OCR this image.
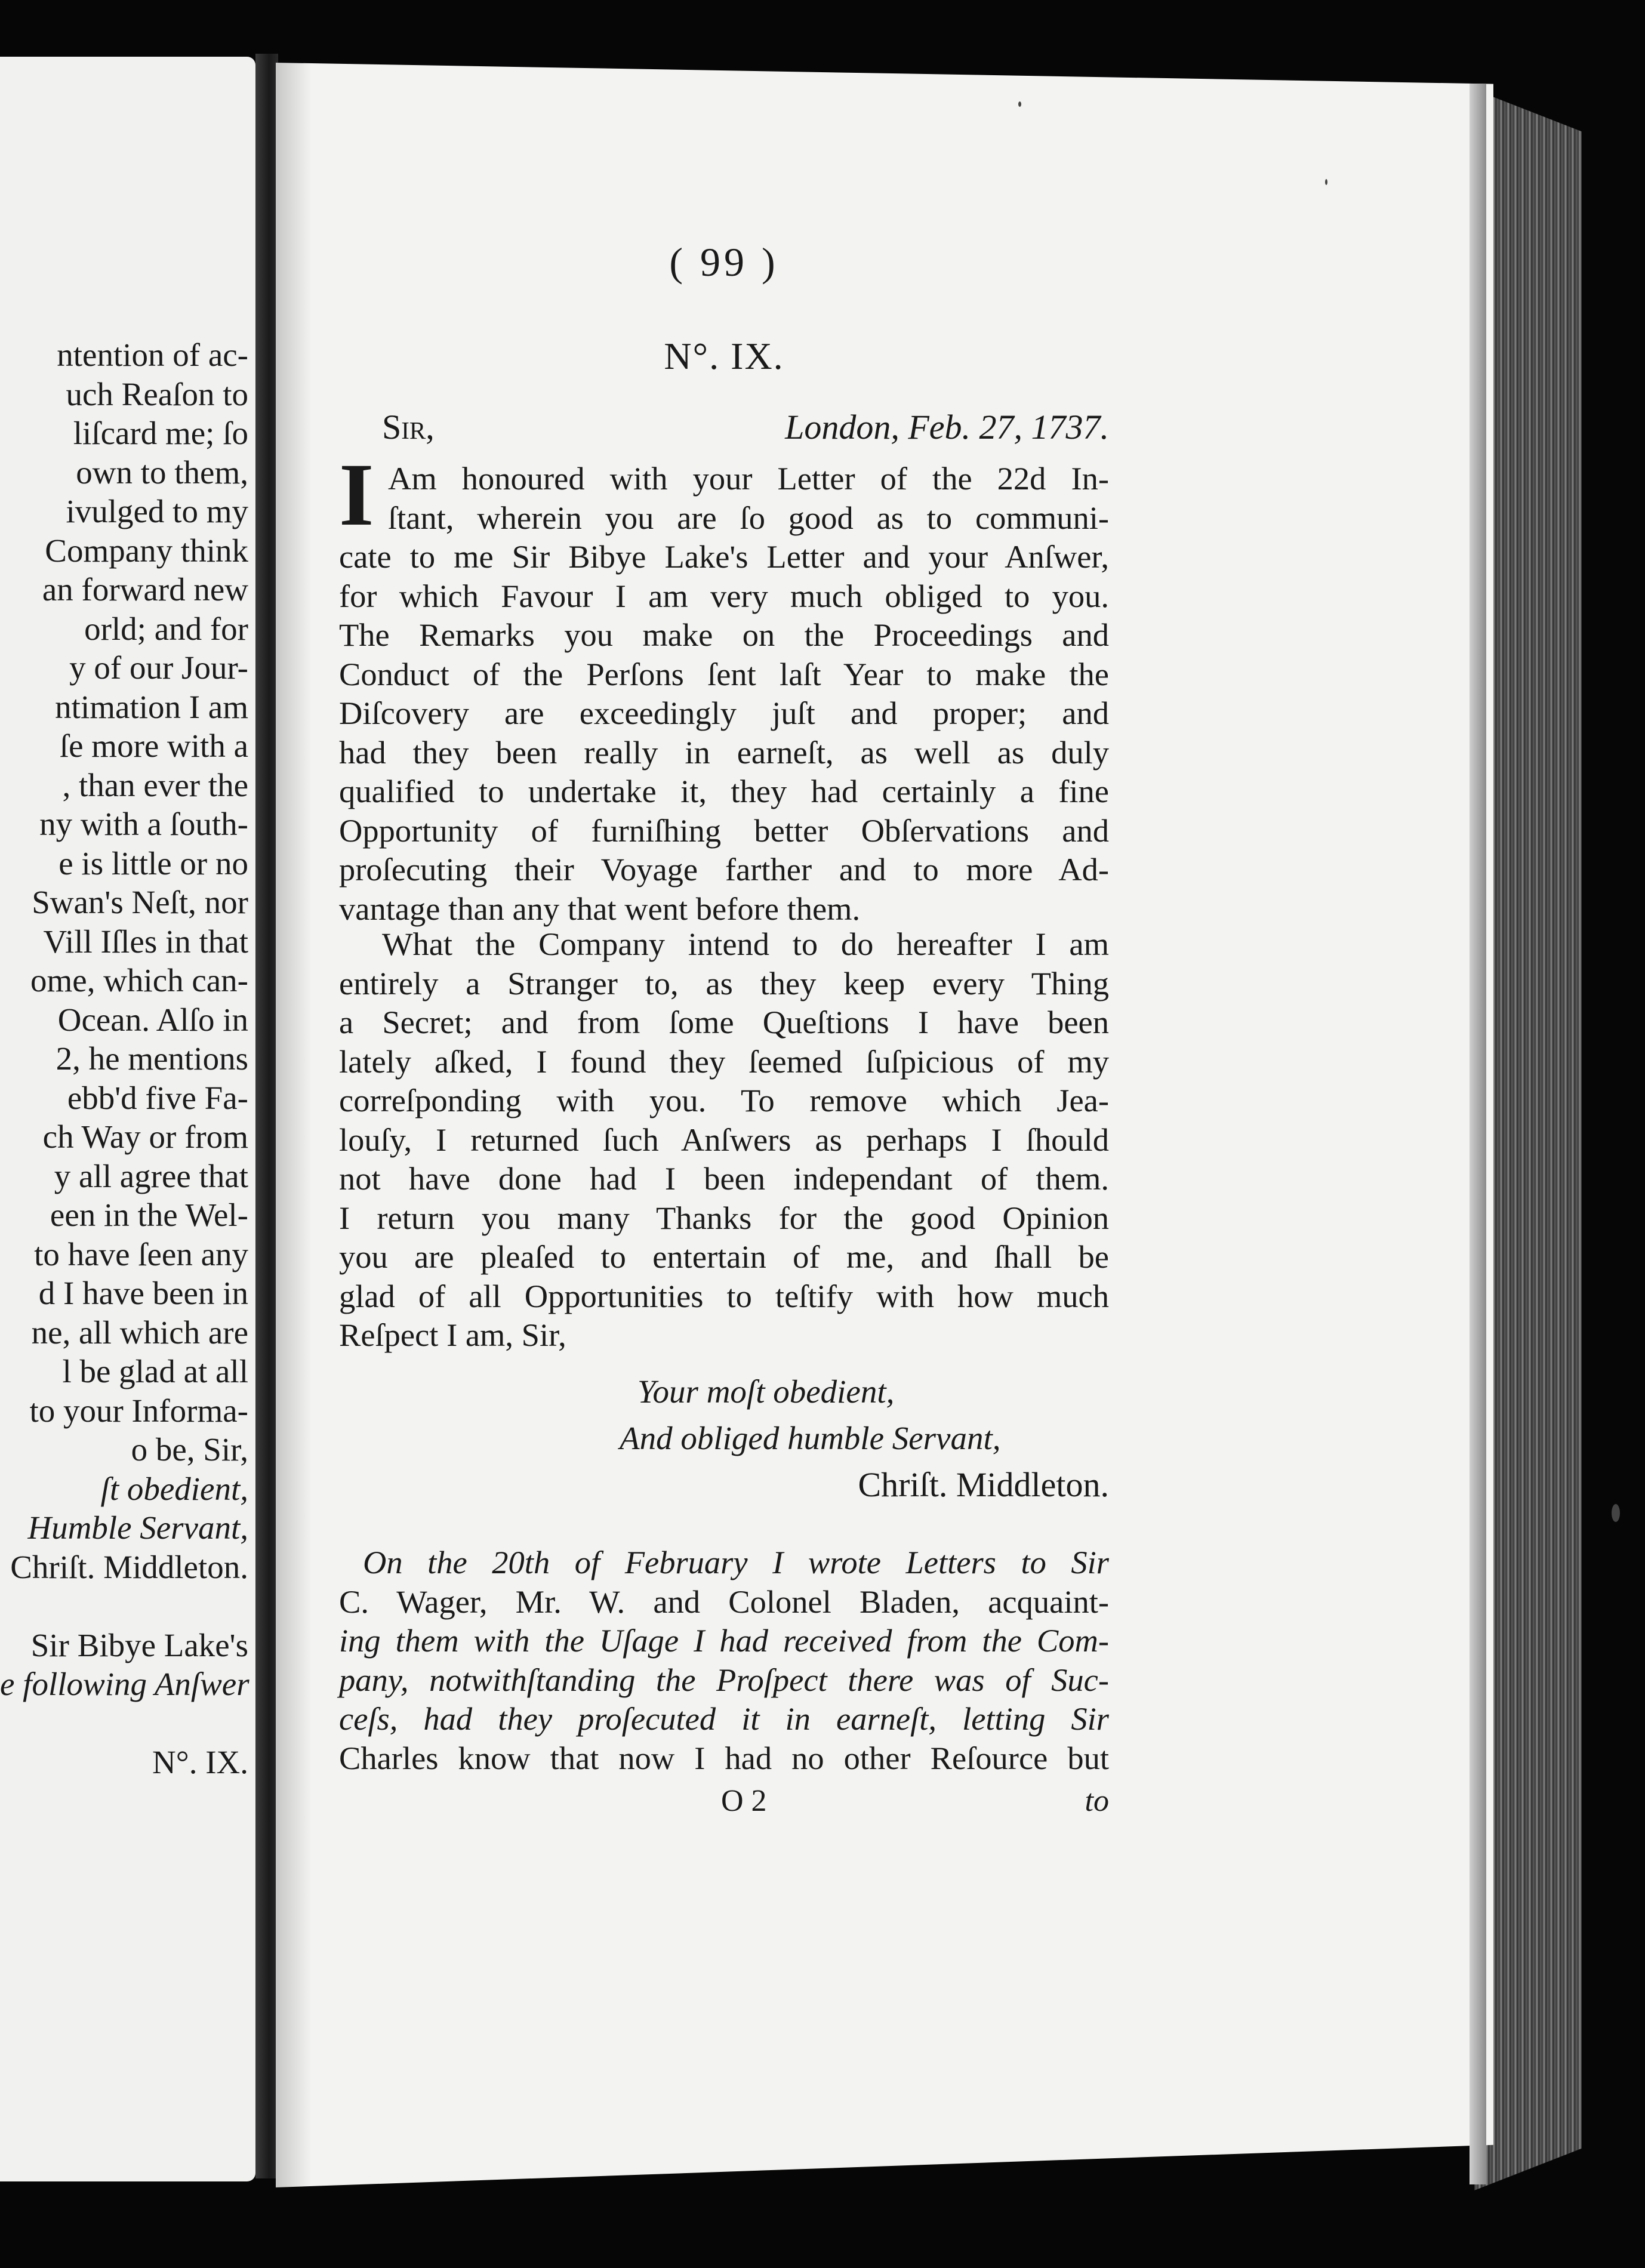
ntention of ac-
uch Reaſon to
liſcard me; ſo
own to them,
ivulged to my
Company think
an forward new
orld; and for
y of our Jour-
ntimation I am
ſe more with a
, than ever the
ny with a ſouth-
e is little or no
Swan's Neſt, nor
Vill Iſles in that
ome, which can-
Ocean. Alſo in
2, he mentions
ebb'd five Fa-
ch Way or from
y all agree that
een in the Wel-
to have ſeen any
d I have been in
ne, all which are
l be glad at all
to your Informa-
o be, Sir,
ſt obedient,
Humble Servant,
Chriſt. Middleton.
Sir Bibye Lake's
e following Anſwer
N°. IX.
( 99 )
N°. IX.
Sir,	London, Feb. 27, 1737.
I Am honoured with your Letter of the 22d In-
ſtant, wherein you are ſo good as to communi-
cate to me Sir Bibye Lake's Letter and your Anſwer,
for which Favour I am very much obliged to you.
The Remarks you make on the Proceedings and
Conduct of the Perſons ſent laſt Year to make the
Diſcovery are exceedingly juſt and proper; and
had they been really in earneſt, as well as duly
qualified to undertake it, they had certainly a fine
Opportunity of furniſhing better Obſervations and
proſecuting their Voyage farther and to more Ad-
vantage than any that went before them.
What the Company intend to do hereafter I am
entirely a Stranger to, as they keep every Thing
a Secret; and from ſome Queſtions I have been
lately aſked, I found they ſeemed ſuſpicious of my
correſponding with you. To remove which Jea-
louſy, I returned ſuch Anſwers as perhaps I ſhould
not have done had I been independant of them.
I return you many Thanks for the good Opinion
you are pleaſed to entertain of me, and ſhall be
glad of all Opportunities to teſtify with how much
Reſpect I am, Sir,
Your moſt obedient,
And obliged humble Servant,
Chriſt. Middleton.
On the 20th of February I wrote Letters to Sir
C. Wager, Mr. W. and Colonel Bladen, acquaint-
ing them with the Uſage I had received from the Com-
pany, notwithſtanding the Proſpect there was of Suc-
ceſs, had they proſecuted it in earneſt, letting Sir
Charles know that now I had no other Reſource but
O 2	to
